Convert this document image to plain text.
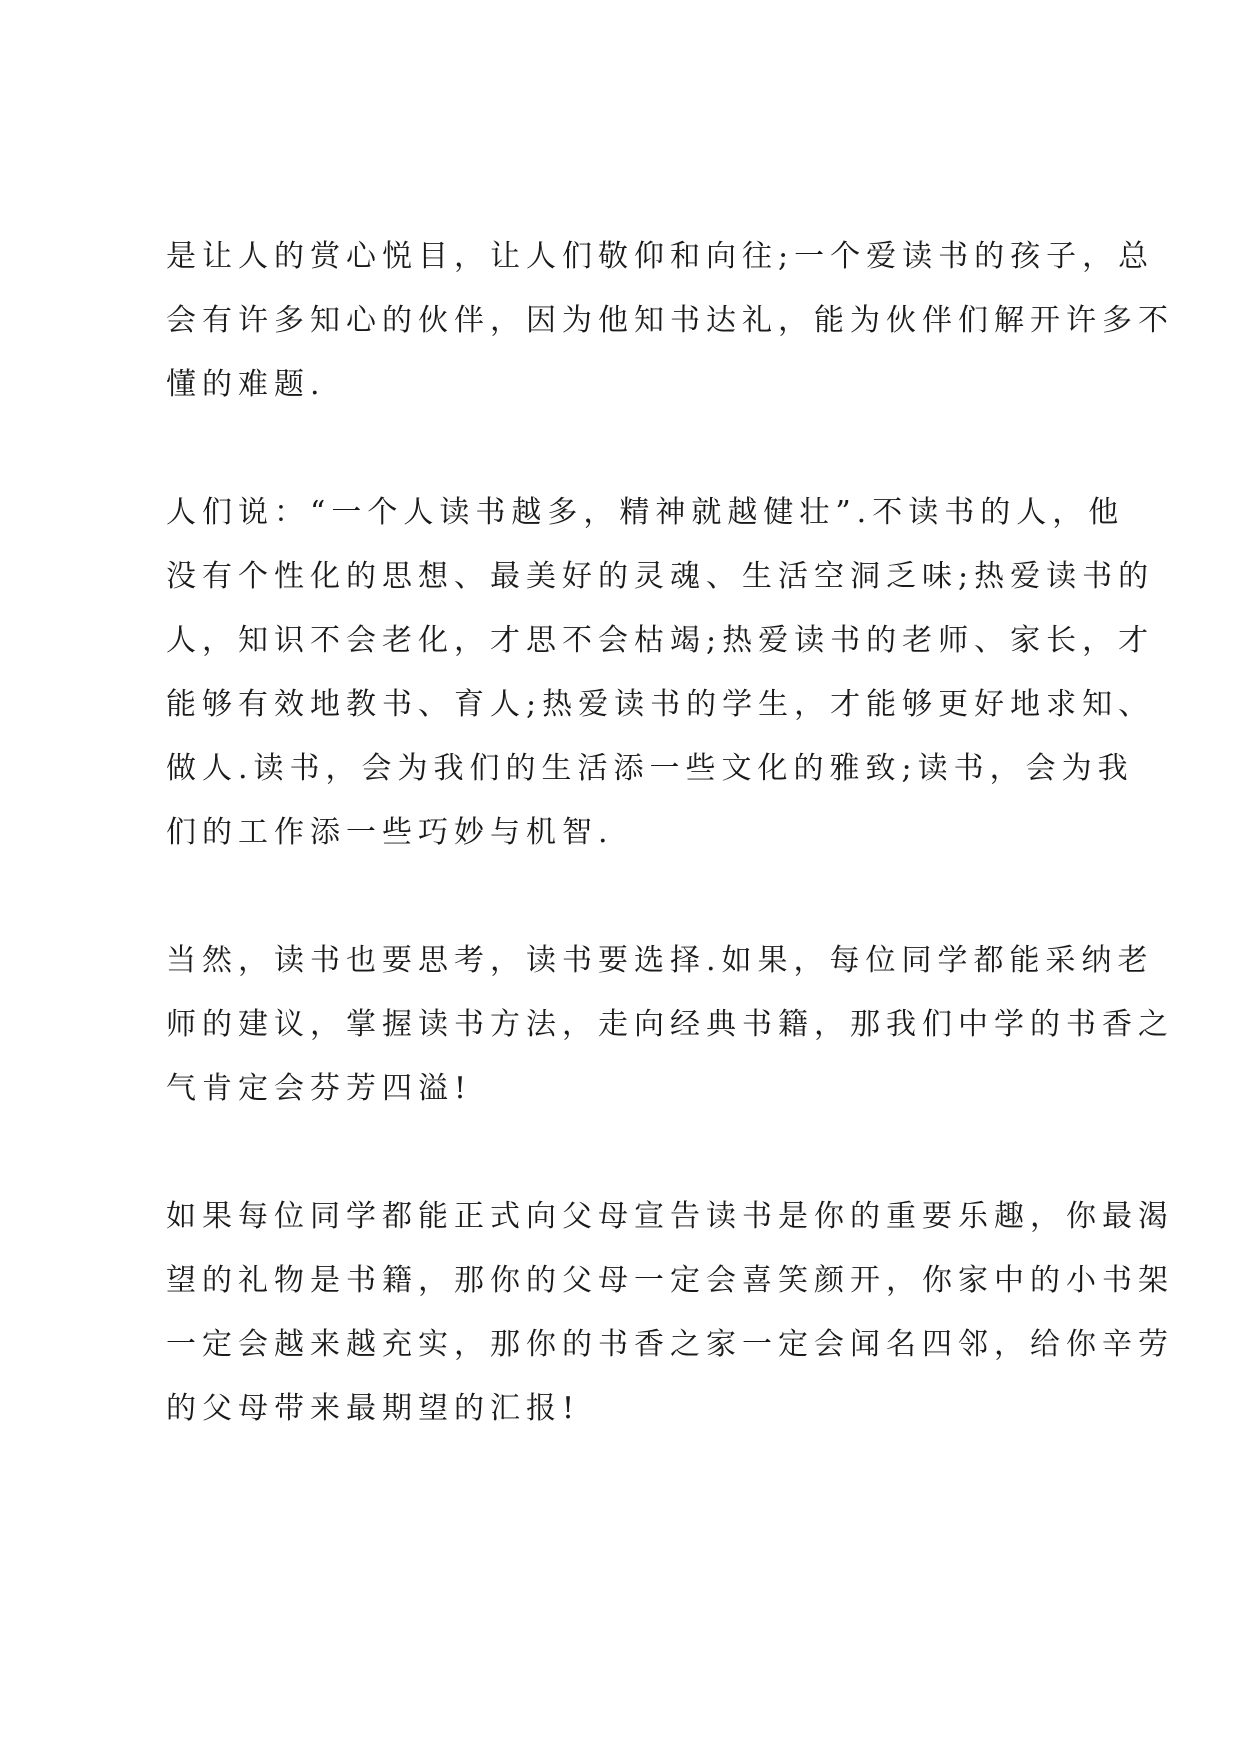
是让人的赏心悦目，让人们敬仰和向往;一个爱读书的孩子，总
会有许多知心的伙伴，因为他知书达礼，能为伙伴们解开许多不
懂的难题.
人们说：“一个人读书越多，精神就越健壮”.不读书的人，他
没有个性化的思想、最美好的灵魂、生活空洞乏味;热爱读书的
人，知识不会老化，才思不会枯竭;热爱读书的老师、家长，才
能够有效地教书、育人;热爱读书的学生，才能够更好地求知、
做人.读书，会为我们的生活添一些文化的雅致;读书，会为我
们的工作添一些巧妙与机智.
当然，读书也要思考，读书要选择.如果，每位同学都能采纳老
师的建议，掌握读书方法，走向经典书籍，那我们中学的书香之
气肯定会芬芳四溢!
如果每位同学都能正式向父母宣告读书是你的重要乐趣，你最渴
望的礼物是书籍，那你的父母一定会喜笑颜开，你家中的小书架
一定会越来越充实，那你的书香之家一定会闻名四邻，给你辛劳
的父母带来最期望的汇报!
